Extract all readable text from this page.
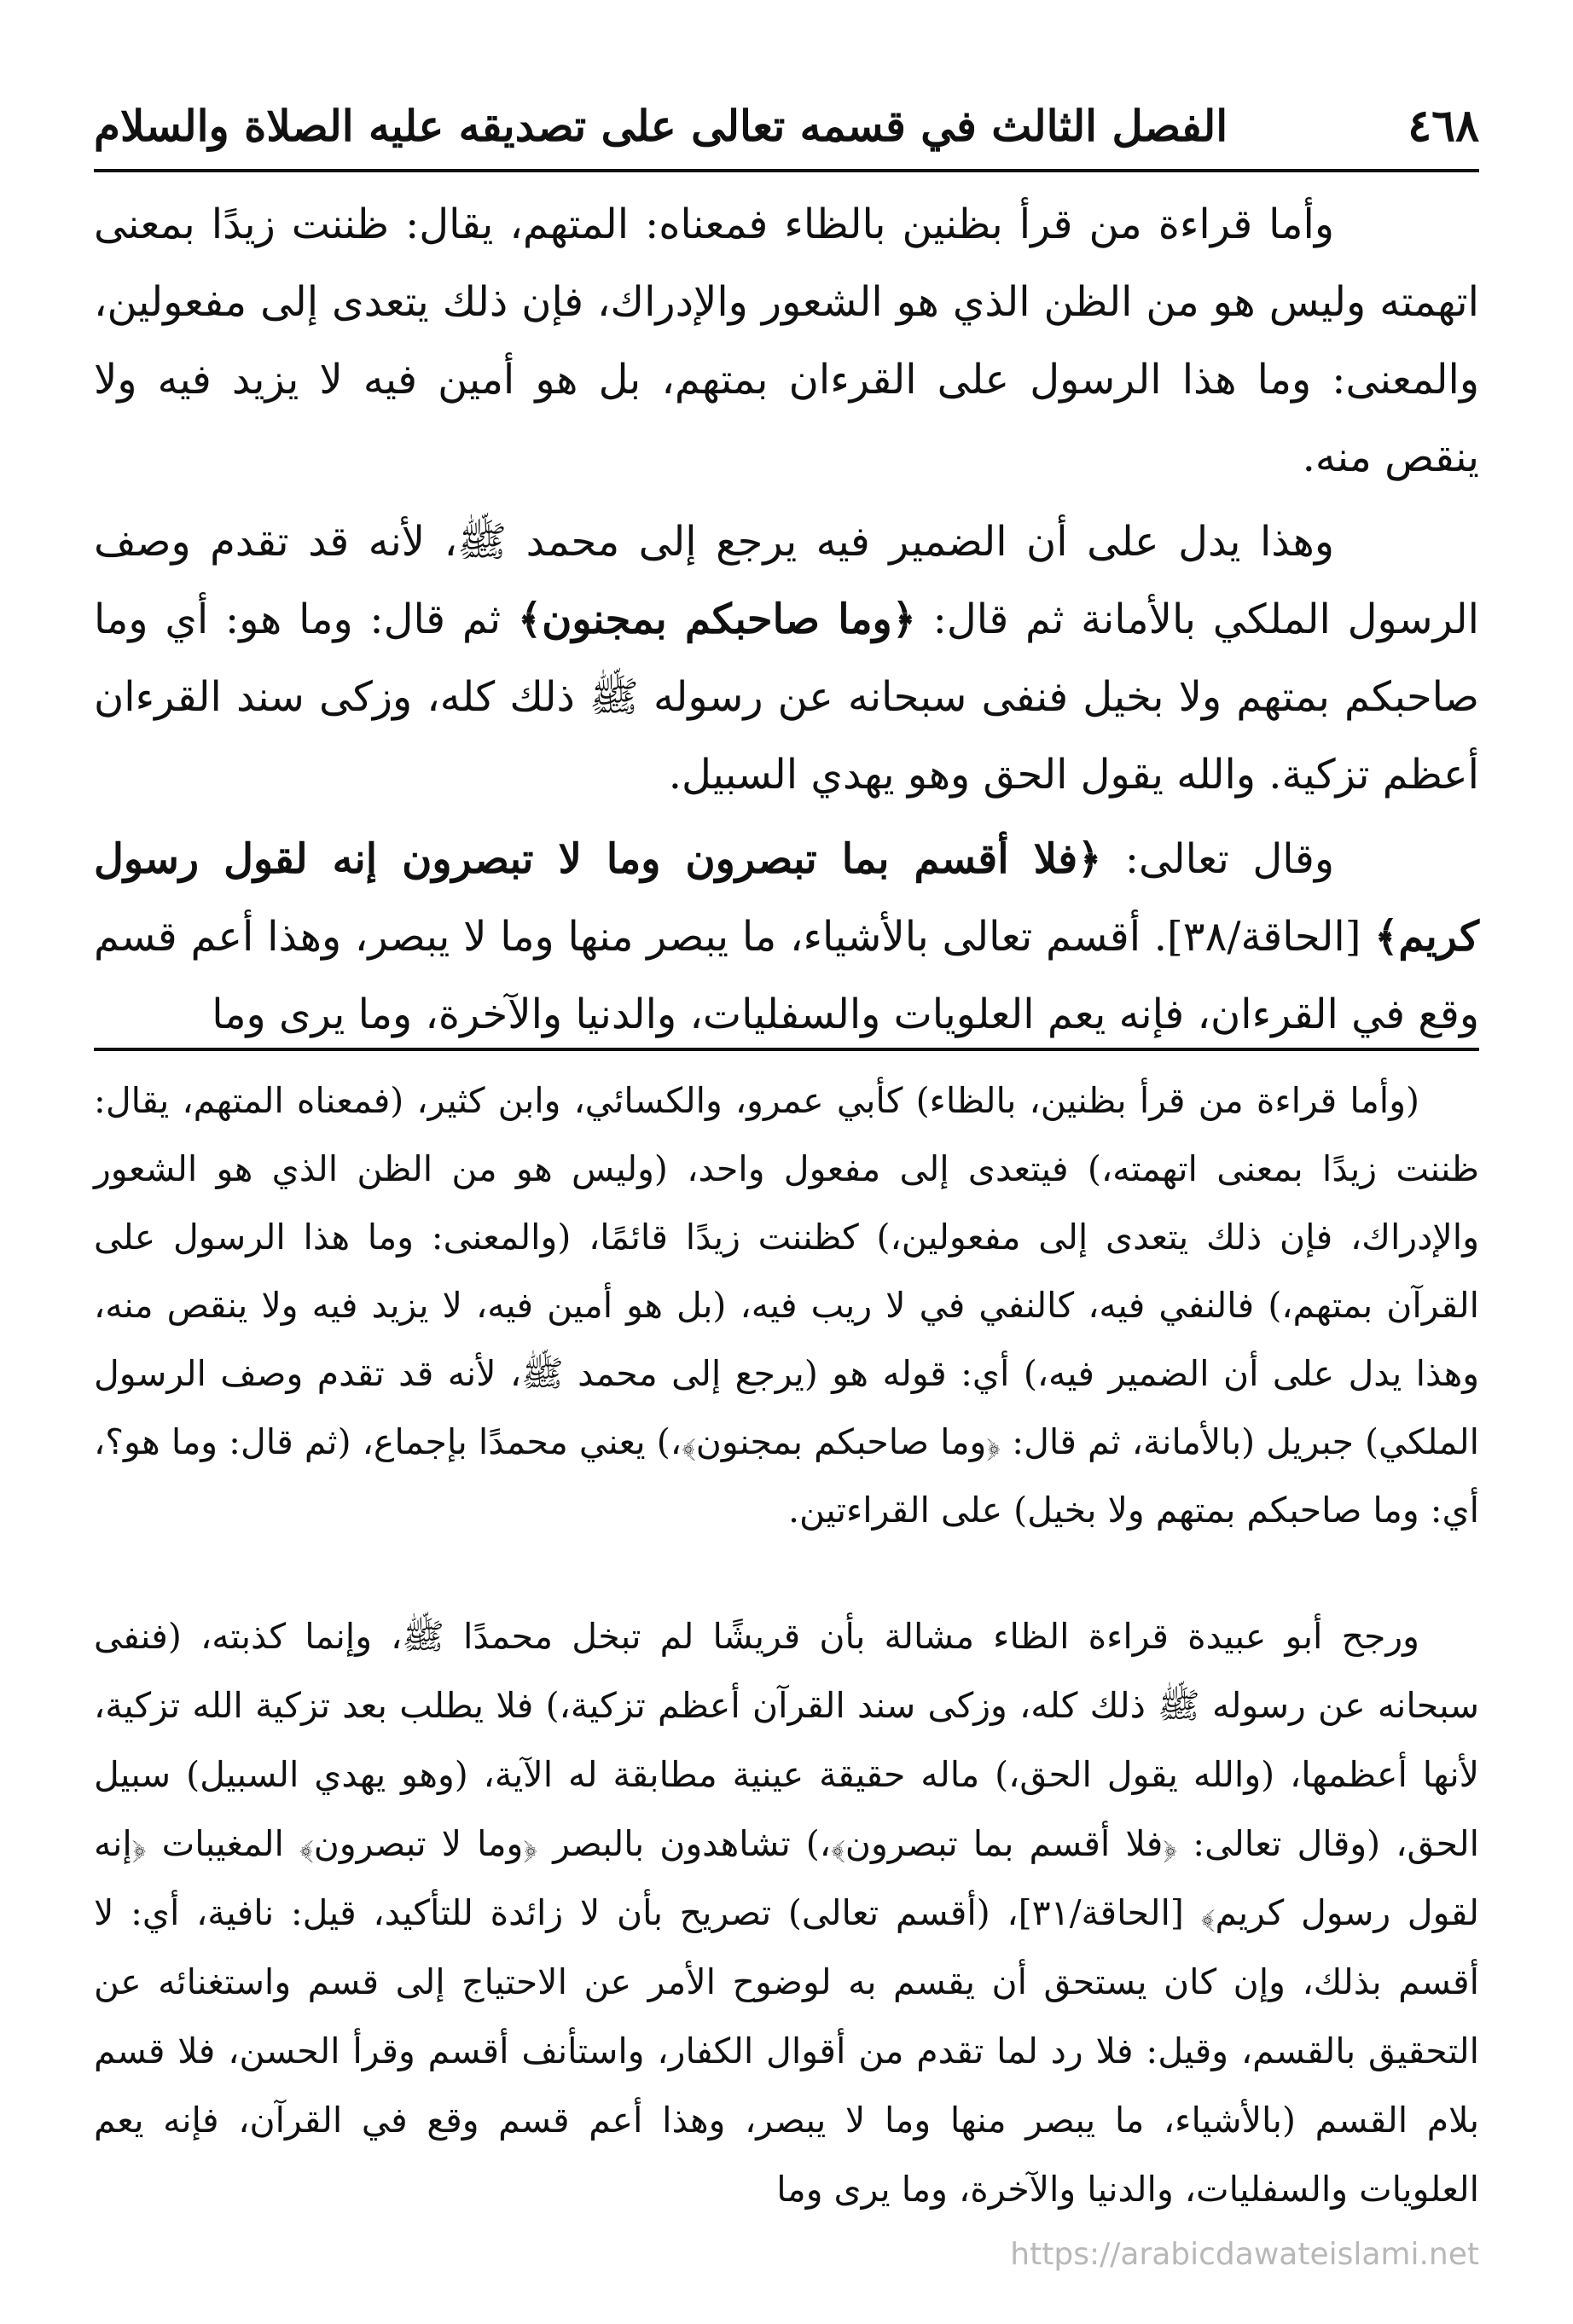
٤٦٨
الفصل الثالث في قسمه تعالى على تصديقه عليه الصلاة والسلام

وأما قراءة من قرأ بظنين بالظاء فمعناه: المتهم، يقال: ظننت زيدًا بمعنى اتهمته وليس هو من الظن الذي هو الشعور والإدراك، فإن ذلك يتعدى إلى مفعولين، والمعنى: وما هذا الرسول على القرءان بمتهم، بل هو أمين فيه لا يزيد فيه ولا ينقص منه.

وهذا يدل على أن الضمير فيه يرجع إلى محمد ﷺ، لأنه قد تقدم وصف الرسول الملكي بالأمانة ثم قال: ﴿وما صاحبكم بمجنون﴾ ثم قال: وما هو: أي وما صاحبكم بمتهم ولا بخيل فنفى سبحانه عن رسوله ﷺ ذلك كله، وزكى سند القرءان أعظم تزكية. والله يقول الحق وهو يهدي السبيل.

وقال تعالى: ﴿فلا أقسم بما تبصرون وما لا تبصرون إنه لقول رسول كريم﴾ [الحاقة/٣٨]. أقسم تعالى بالأشياء، ما يبصر منها وما لا يبصر، وهذا أعم قسم وقع في القرءان، فإنه يعم العلويات والسفليات، والدنيا والآخرة، وما يرى وما

(وأما قراءة من قرأ بظنين، بالظاء) كأبي عمرو، والكسائي، وابن كثير، (فمعناه المتهم، يقال: ظننت زيدًا بمعنى اتهمته،) فيتعدى إلى مفعول واحد، (وليس هو من الظن الذي هو الشعور والإدراك، فإن ذلك يتعدى إلى مفعولين،) كظننت زيدًا قائمًا، (والمعنى: وما هذا الرسول على القرآن بمتهم،) فالنفي فيه، كالنفي في لا ريب فيه، (بل هو أمين فيه، لا يزيد فيه ولا ينقص منه، وهذا يدل على أن الضمير فيه،) أي: قوله هو (يرجع إلى محمد ﷺ، لأنه قد تقدم وصف الرسول الملكي) جبريل (بالأمانة، ثم قال: ﴿وما صاحبكم بمجنون﴾،) يعني محمدًا بإجماع، (ثم قال: وما هو؟، أي: وما صاحبكم بمتهم ولا بخيل) على القراءتين.

ورجح أبو عبيدة قراءة الظاء مشالة بأن قريشًا لم تبخل محمدًا ﷺ، وإنما كذبته، (فنفى سبحانه عن رسوله ﷺ ذلك كله، وزكى سند القرآن أعظم تزكية،) فلا يطلب بعد تزكية الله تزكية، لأنها أعظمها، (والله يقول الحق،) ماله حقيقة عينية مطابقة له الآية، (وهو يهدي السبيل) سبيل الحق، (وقال تعالى: ﴿فلا أقسم بما تبصرون﴾،) تشاهدون بالبصر ﴿وما لا تبصرون﴾ المغيبات ﴿إنه لقول رسول كريم﴾ [الحاقة/٣١]، (أقسم تعالى) تصريح بأن لا زائدة للتأكيد، قيل: نافية، أي: لا أقسم بذلك، وإن كان يستحق أن يقسم به لوضوح الأمر عن الاحتياج إلى قسم واستغنائه عن التحقيق بالقسم، وقيل: فلا رد لما تقدم من أقوال الكفار، واستأنف أقسم وقرأ الحسن، فلا قسم بلام القسم (بالأشياء، ما يبصر منها وما لا يبصر، وهذا أعم قسم وقع في القرآن، فإنه يعم العلويات والسفليات، والدنيا والآخرة، وما يرى وما

https://arabicdawateislami.net
